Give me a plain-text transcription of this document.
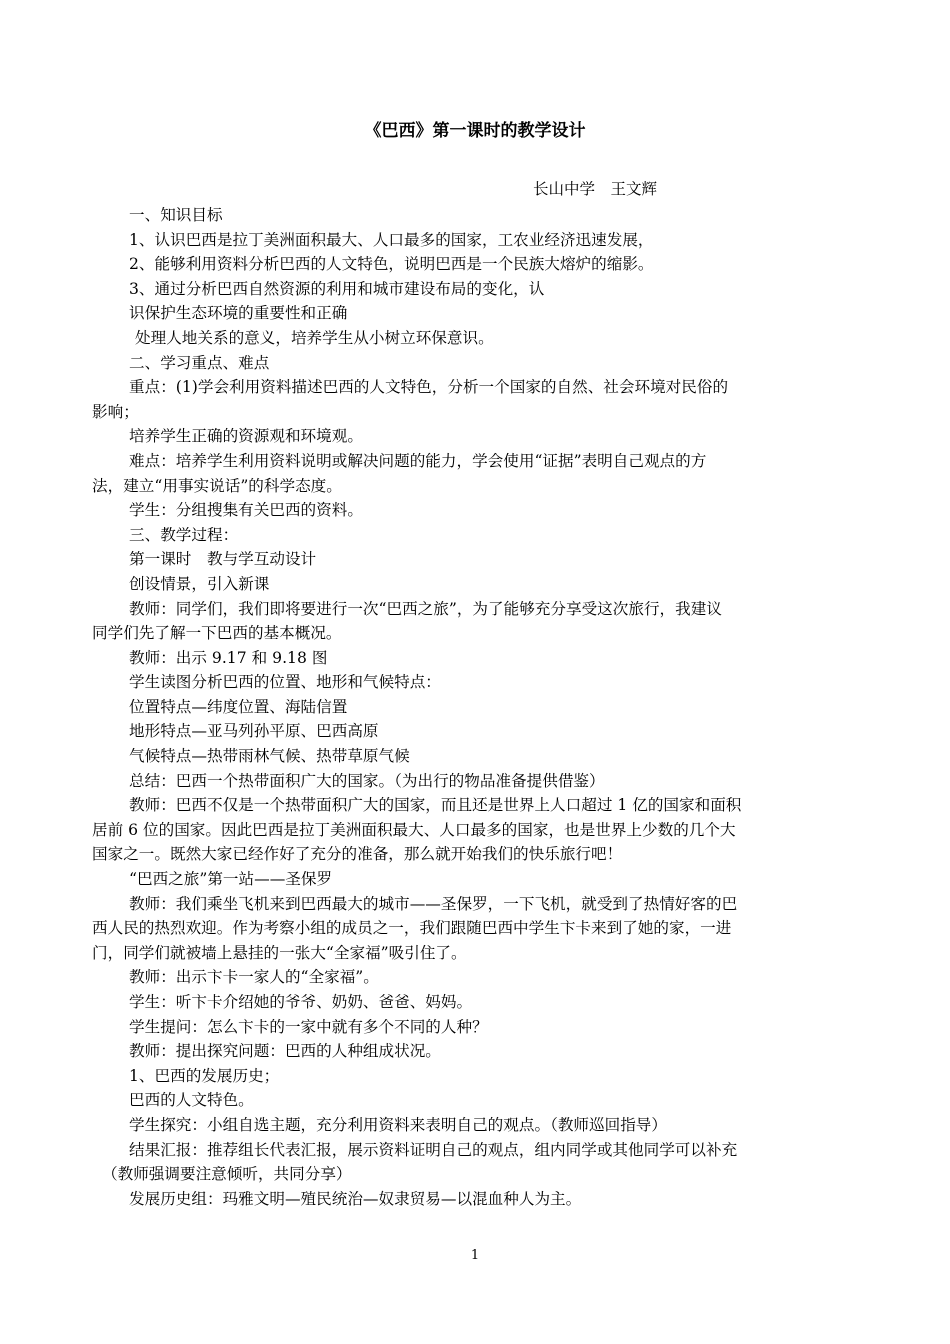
《巴西》第一课时的教学设计
长山中学　王文辉
一、知识目标
1、认识巴西是拉丁美洲面积最大、人口最多的国家，工农业经济迅速发展，
2、能够利用资料分析巴西的人文特色，说明巴西是一个民族大熔炉的缩影。
3、通过分析巴西自然资源的利用和城市建设布局的变化，认
识保护生态环境的重要性和正确
处理人地关系的意义，培养学生从小树立环保意识。
二、学习重点、难点
重点：(1)学会利用资料描述巴西的人文特色，分析一个国家的自然、社会环境对民俗的
影响；
培养学生正确的资源观和环境观。
难点：培养学生利用资料说明或解决问题的能力，学会使用“证据”表明自己观点的方
法，建立“用事实说话”的科学态度。
学生：分组搜集有关巴西的资料。
三、教学过程：
第一课时　教与学互动设计
创设情景，引入新课
教师：同学们，我们即将要进行一次“巴西之旅”，为了能够充分享受这次旅行，我建议
同学们先了解一下巴西的基本概况。
教师：出示 9.17 和 9.18 图
学生读图分析巴西的位置、地形和气候特点：
位置特点—纬度位置、海陆信置
地形特点—亚马列孙平原、巴西高原
气候特点—热带雨林气候、热带草原气候
总结：巴西一个热带面积广大的国家。（为出行的物品准备提供借鉴）
教师：巴西不仅是一个热带面积广大的国家，而且还是世界上人口超过 1 亿的国家和面积
居前 6 位的国家。因此巴西是拉丁美洲面积最大、人口最多的国家，也是世界上少数的几个大
国家之一。既然大家已经作好了充分的准备，那么就开始我们的快乐旅行吧！
“巴西之旅”第一站——圣保罗
教师：我们乘坐飞机来到巴西最大的城市——圣保罗，一下飞机，就受到了热情好客的巴
西人民的热烈欢迎。作为考察小组的成员之一，我们跟随巴西中学生卞卡来到了她的家，一进
门，同学们就被墙上悬挂的一张大“全家福”吸引住了。
教师：出示卞卡一家人的“全家福”。
学生：听卞卡介绍她的爷爷、奶奶、爸爸、妈妈。
学生提问：怎么卞卡的一家中就有多个不同的人种？
教师：提出探究问题：巴西的人种组成状况。
1、巴西的发展历史；
巴西的人文特色。
学生探究：小组自选主题，充分利用资料来表明自己的观点。（教师巡回指导）
结果汇报：推荐组长代表汇报，展示资料证明自己的观点，组内同学或其他同学可以补充
（教师强调要注意倾听，共同分享）
发展历史组：玛雅文明—殖民统治—奴隶贸易—以混血种人为主。
1
